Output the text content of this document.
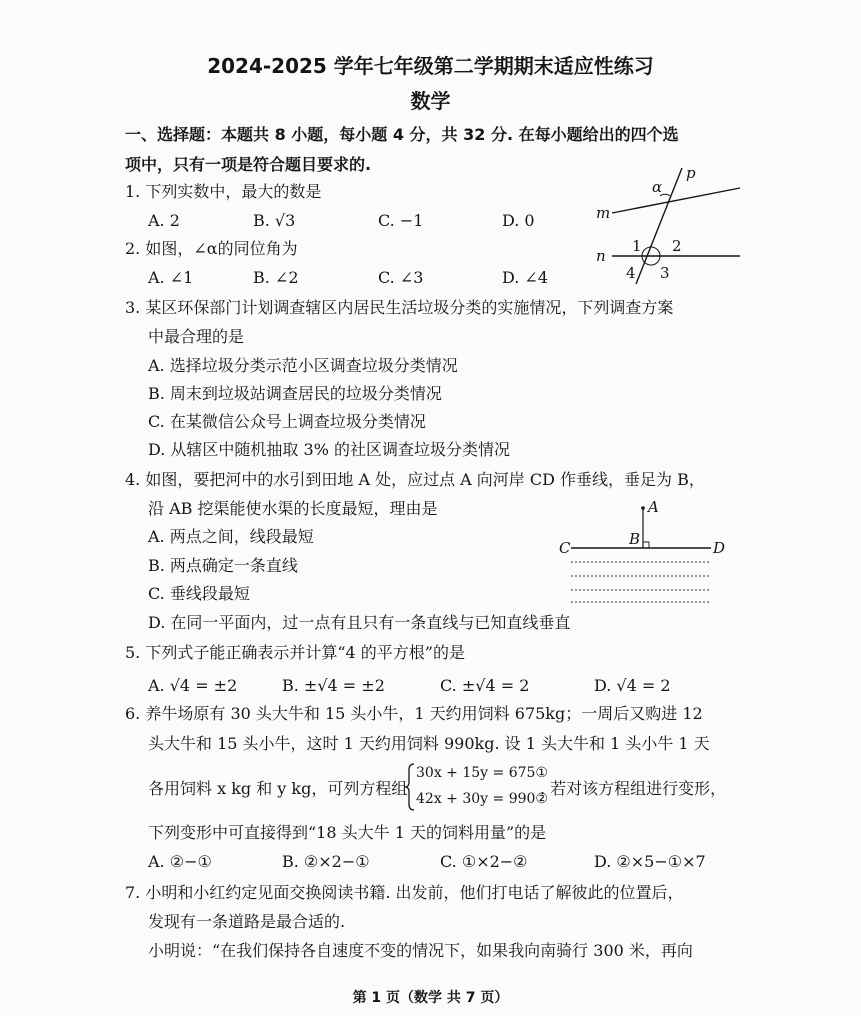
2024-2025 学年七年级第二学期期末适应性练习
数学
一、选择题：本题共 8 小题，每小题 4 分，共 32 分. 在每小题给出的四个选
项中，只有一项是符合题目要求的.
1. 下列实数中，最大的数是
A. 2	B. √3	C. −1	D. 0
2. 如图，∠α的同位角为
A. ∠1	B. ∠2	C. ∠3	D. ∠4
α
p
m
n
1 2
3
4
3. 某区环保部门计划调查辖区内居民生活垃圾分类的实施情况，下列调查方案
中最合理的是
A. 选择垃圾分类示范小区调查垃圾分类情况
B. 周末到垃圾站调查居民的垃圾分类情况
C. 在某微信公众号上调查垃圾分类情况
D. 从辖区中随机抽取 3% 的社区调查垃圾分类情况
4. 如图，要把河中的水引到田地 A 处，应过点 A 向河岸 CD 作垂线，垂足为 B，
沿 AB 挖渠能使水渠的长度最短，理由是
A. 两点之间，线段最短
B. 两点确定一条直线
C. 垂线段最短
D. 在同一平面内，过一点有且只有一条直线与已知直线垂直
A
B
C	D
5. 下列式子能正确表示并计算“4 的平方根”的是
A. √4 = ±2	B. ±√4 = ±2	C. ±√4 = 2	D. √4 = 2
6. 养牛场原有 30 头大牛和 15 头小牛，1 天约用饲料 675kg；一周后又购进 12
头大牛和 15 头小牛，这时 1 天约用饲料 990kg. 设 1 头大牛和 1 头小牛 1 天
各用饲料 x kg 和 y kg，可列方程组
30x + 15y = 675①
42x + 30y = 990②
. 若对该方程组进行变形，
下列变形中可直接得到“18 头大牛 1 天的饲料用量”的是
A. ②−①	B. ②×2−①	C. ①×2−②	D. ②×5−①×7
7. 小明和小红约定见面交换阅读书籍. 出发前，他们打电话了解彼此的位置后，
发现有一条道路是最合适的.
小明说：“在我们保持各自速度不变的情况下，如果我向南骑行 300 米，再向
第 1 页（数学 共 7 页）
